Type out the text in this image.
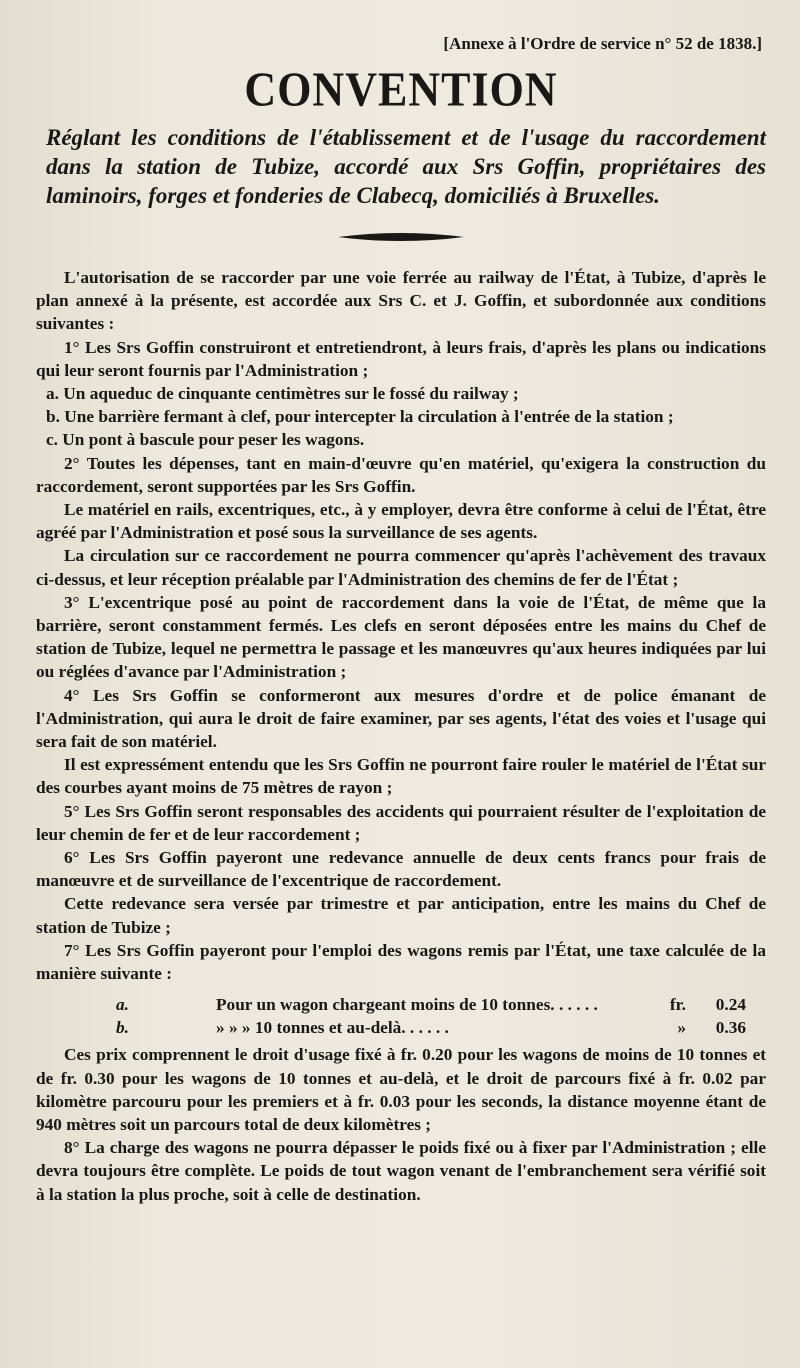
[Annexe à l'Ordre de service n° 52 de 1838.]
CONVENTION
Réglant les conditions de l'établissement et de l'usage du raccordement dans la station de Tubize, accordé aux Srs Goffin, propriétaires des laminoirs, forges et fonderies de Clabecq, domiciliés à Bruxelles.

L'autorisation de se raccorder par une voie ferrée au railway de l'État, à Tubize, d'après le plan annexé à la présente, est accordée aux Srs C. et J. Goffin, et subordonnée aux conditions suivantes :

1° Les Srs Goffin construiront et entretiendront, à leurs frais, d'après les plans ou indications qui leur seront fournis par l'Administration ;

a. Un aqueduc de cinquante centimètres sur le fossé du railway ;

b. Une barrière fermant à clef, pour intercepter la circulation à l'entrée de la station ;

c. Un pont à bascule pour peser les wagons.

2° Toutes les dépenses, tant en main-d'œuvre qu'en matériel, qu'exigera la construction du raccordement, seront supportées par les Srs Goffin.

Le matériel en rails, excentriques, etc., à y employer, devra être conforme à celui de l'État, être agréé par l'Administration et posé sous la surveillance de ses agents.

La circulation sur ce raccordement ne pourra commencer qu'après l'achèvement des travaux ci-dessus, et leur réception préalable par l'Administration des chemins de fer de l'État ;

3° L'excentrique posé au point de raccordement dans la voie de l'État, de même que la barrière, seront constamment fermés. Les clefs en seront déposées entre les mains du Chef de station de Tubize, lequel ne permettra le passage et les manœuvres qu'aux heures indiquées par lui ou réglées d'avance par l'Administration ;

4° Les Srs Goffin se conformeront aux mesures d'ordre et de police émanant de l'Administration, qui aura le droit de faire examiner, par ses agents, l'état des voies et l'usage qui sera fait de son matériel.

Il est expressément entendu que les Srs Goffin ne pourront faire rouler le matériel de l'État sur des courbes ayant moins de 75 mètres de rayon ;

5° Les Srs Goffin seront responsables des accidents qui pourraient résulter de l'exploitation de leur chemin de fer et de leur raccordement ;

6° Les Srs Goffin payeront une redevance annuelle de deux cents francs pour frais de manœuvre et de surveillance de l'excentrique de raccordement.

Cette redevance sera versée par trimestre et par anticipation, entre les mains du Chef de station de Tubize ;

7° Les Srs Goffin payeront pour l'emploi des wagons remis par l'État, une taxe calculée de la manière suivante :

a.	Pour un wagon chargeant moins de 10 tonnes. . . . . .	fr.	0.24
b.	» » » 10 tonnes et au-delà. . . . . .	»	0.36

Ces prix comprennent le droit d'usage fixé à fr. 0.20 pour les wagons de moins de 10 tonnes et de fr. 0.30 pour les wagons de 10 tonnes et au-delà, et le droit de parcours fixé à fr. 0.02 par kilomètre parcouru pour les premiers et à fr. 0.03 pour les seconds, la distance moyenne étant de 940 mètres soit un parcours total de deux kilomètres ;

8° La charge des wagons ne pourra dépasser le poids fixé ou à fixer par l'Administration ; elle devra toujours être complète. Le poids de tout wagon venant de l'embranchement sera vérifié soit à la station la plus proche, soit à celle de destination.
